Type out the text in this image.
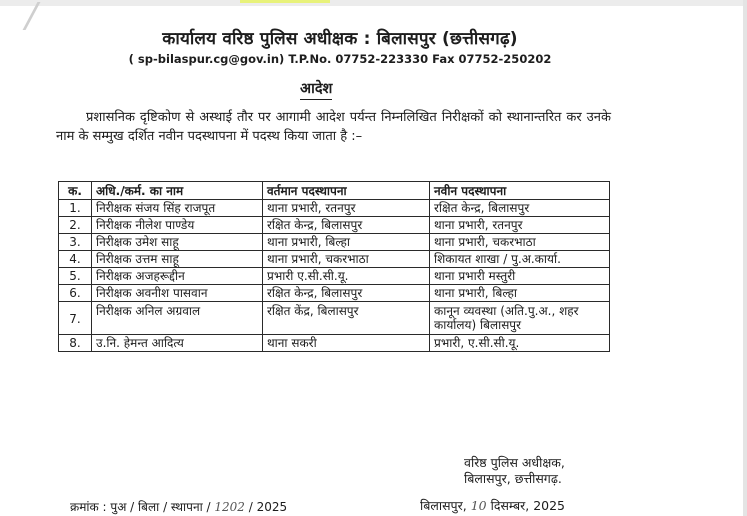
कार्यालय वरिष्ठ पुलिस अधीक्षक : बिलासपुर (छत्तीसगढ़)
( sp-bilaspur.cg@gov.in) T.P.No. 07752-223330 Fax 07752-250202
आदेश
प्रशासनिक दृष्टिकोण से अस्थाई तौर पर आगामी आदेश पर्यन्त निम्नलिखित निरीक्षकों को स्थानान्तरित कर उनके नाम के सम्मुख दर्शित नवीन पदस्थापना में पदस्थ किया जाता है :–
क.	अधि./कर्म. का नाम	वर्तमान पदस्थापना	नवीन पदस्थापना
1.	निरीक्षक संजय सिंह राजपूत	थाना प्रभारी, रतनपुर	रक्षित केन्द्र, बिलासपुर
2.	निरीक्षक नीलेश पाण्डेय	रक्षित केन्द्र, बिलासपुर	थाना प्रभारी, रतनपुर
3.	निरीक्षक उमेश साहू	थाना प्रभारी, बिल्हा	थाना प्रभारी, चकरभाठा
4.	निरीक्षक उत्तम साहू	थाना प्रभारी, चकरभाठा	शिकायत शाखा / पु.अ.कार्या.
5.	निरीक्षक अजहरूद्दीन	प्रभारी ए.सी.सी.यू.	थाना प्रभारी मस्तुरी
6.	निरीक्षक अवनीश पासवान	रक्षित केन्द्र, बिलासपुर	थाना प्रभारी, बिल्हा
7.	निरीक्षक अनिल अग्रवाल	रक्षित केंद्र, बिलासपुर	कानून व्यवस्था (अति.पु.अ., शहर कार्यालय) बिलासपुर

8.	उ.नि. हेमन्त आदित्य	थाना सकरी	प्रभारी, ए.सी.सी.यू.
वरिष्ठ पुलिस अधीक्षक,
बिलासपुर, छत्तीसगढ़.
क्रमांक : पुअ / बिला / स्थापना / 1202 / 2025	बिलासपुर, 10 दिसम्बर, 2025
